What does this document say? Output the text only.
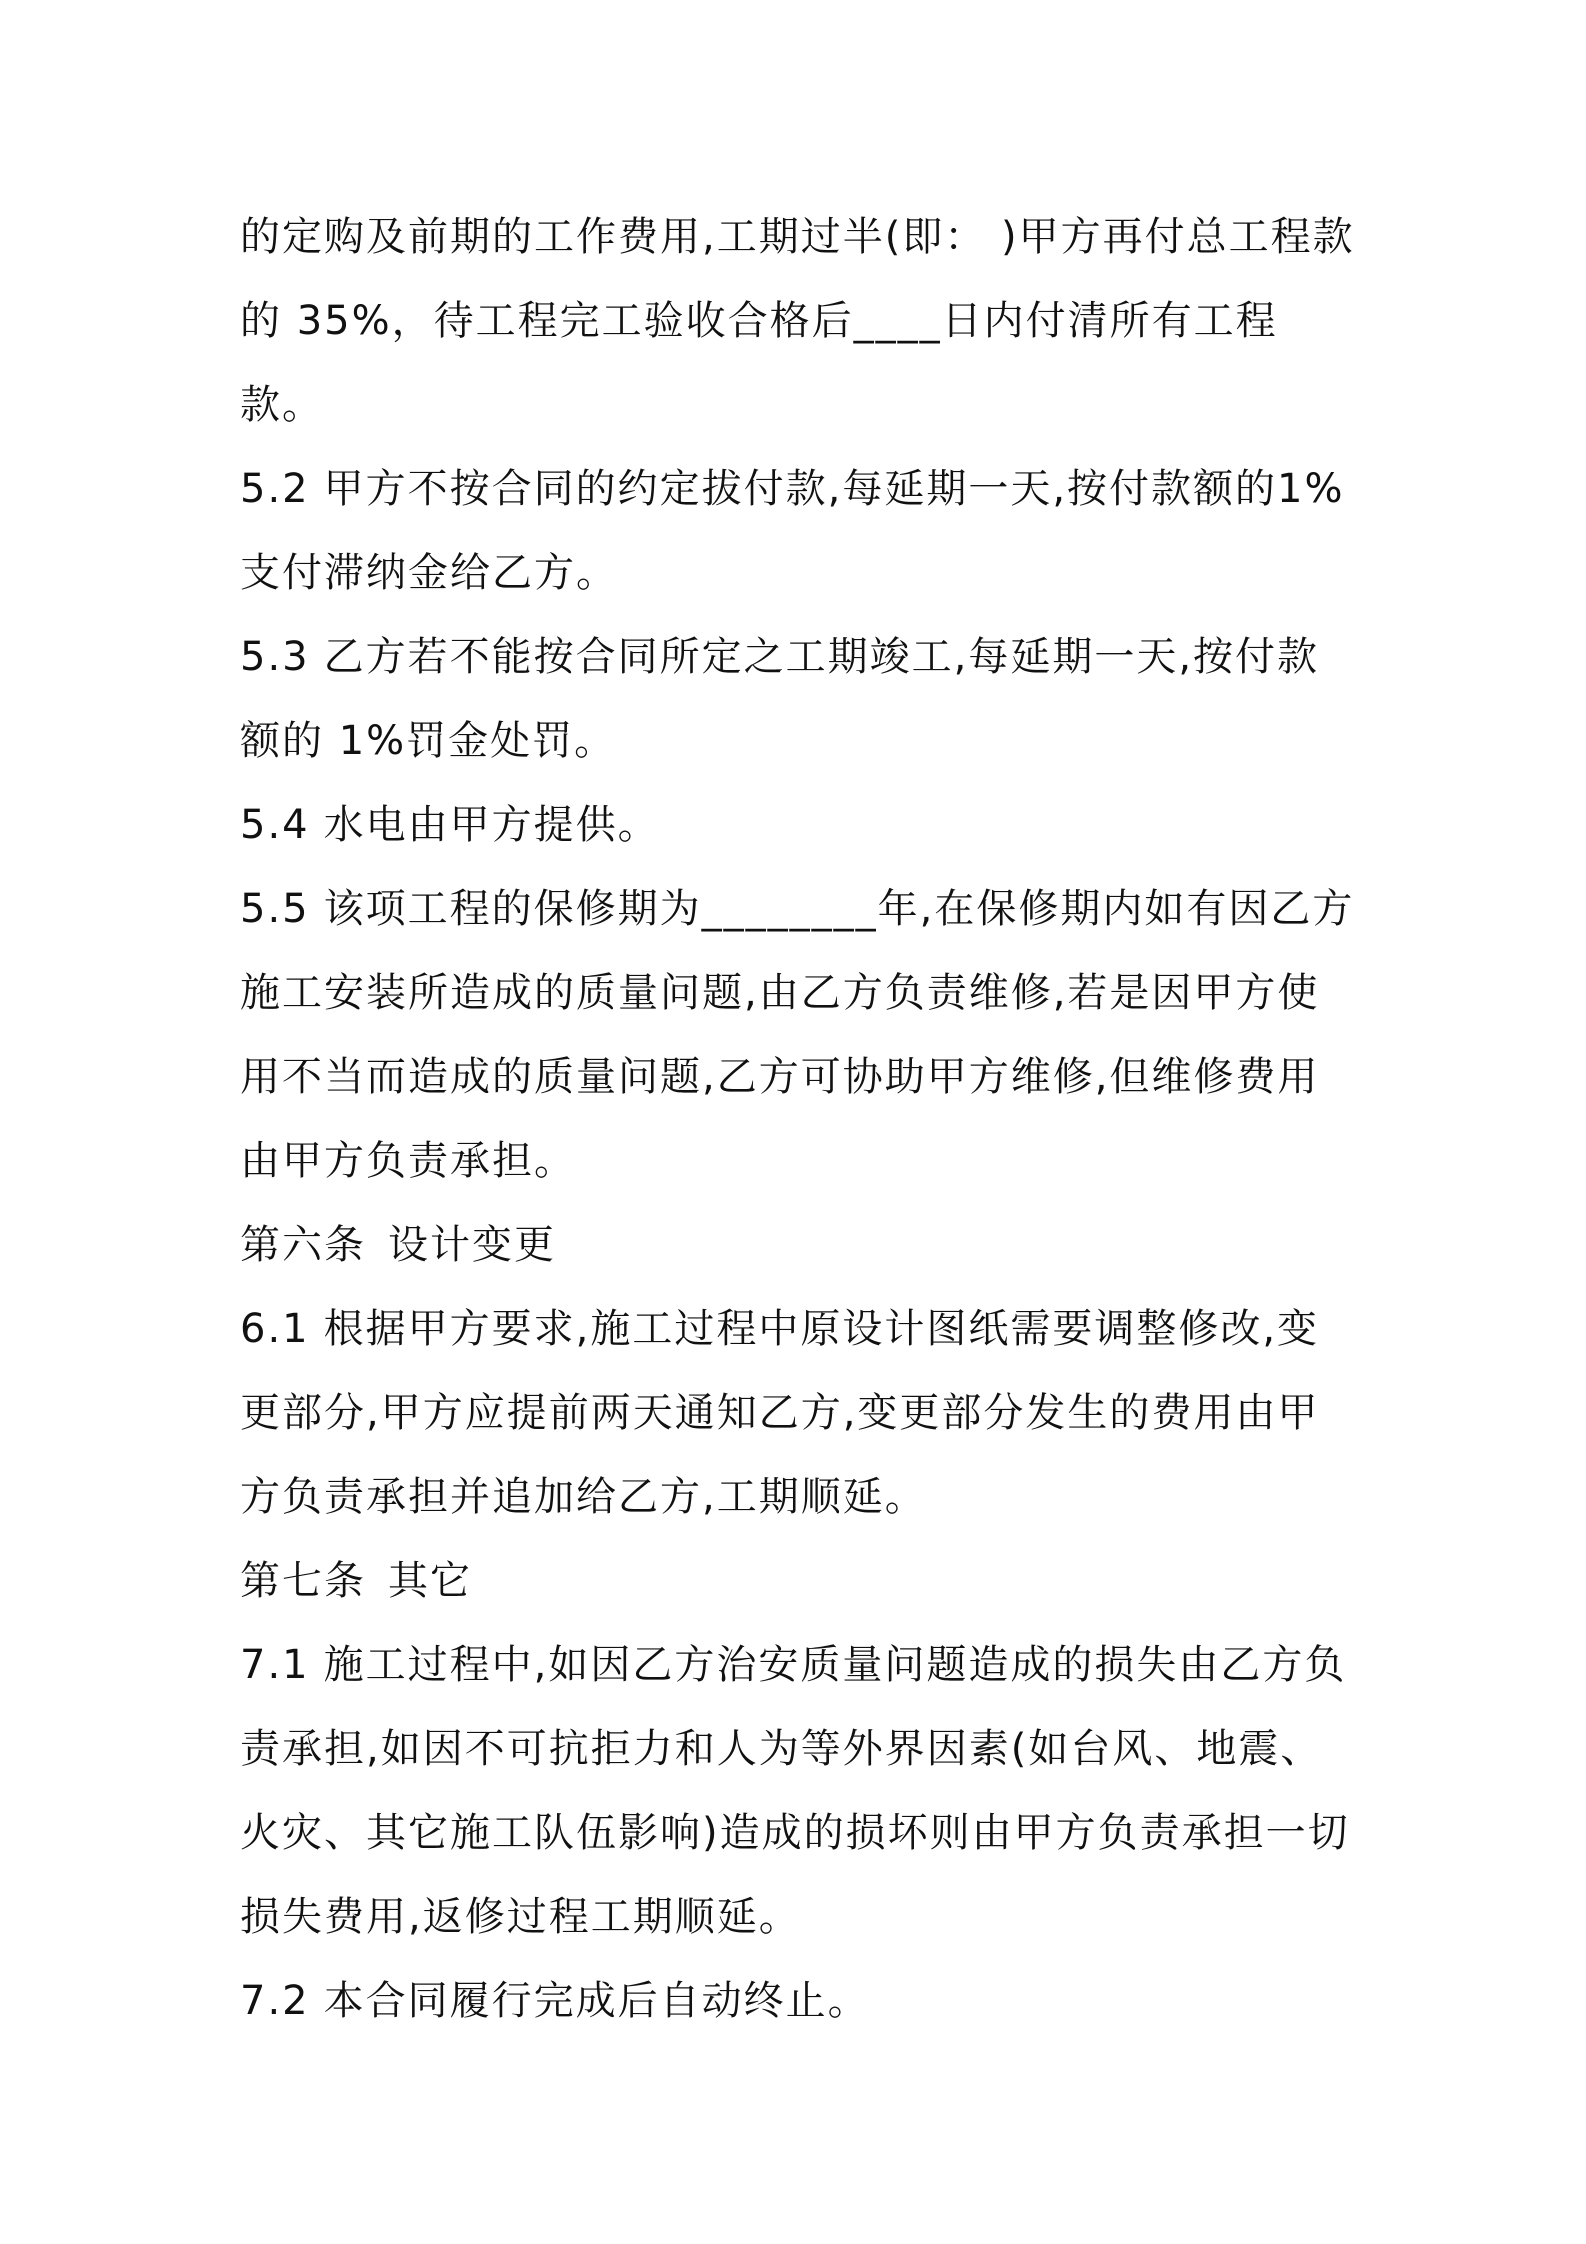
的定购及前期的工作费用,工期过半(即： )甲方再付总工程款的 35%，待工程完工验收合格后____日内付清所有工程款。

5.2 甲方不按合同的约定拔付款,每延期一天,按付款额的1%支付滞纳金给乙方。

5.3 乙方若不能按合同所定之工期竣工,每延期一天,按付款额的 1%罚金处罚。

5.4 水电由甲方提供。

5.5 该项工程的保修期为________年,在保修期内如有因乙方施工安装所造成的质量问题,由乙方负责维修,若是因甲方使用不当而造成的质量问题,乙方可协助甲方维修,但维修费用由甲方负责承担。

第六条 设计变更

6.1 根据甲方要求,施工过程中原设计图纸需要调整修改,变更部分,甲方应提前两天通知乙方,变更部分发生的费用由甲方负责承担并追加给乙方,工期顺延。

第七条 其它

7.1 施工过程中,如因乙方治安质量问题造成的损失由乙方负责承担,如因不可抗拒力和人为等外界因素(如台风、地震、火灾、其它施工队伍影响)造成的损坏则由甲方负责承担一切损失费用,返修过程工期顺延。

7.2 本合同履行完成后自动终止。
